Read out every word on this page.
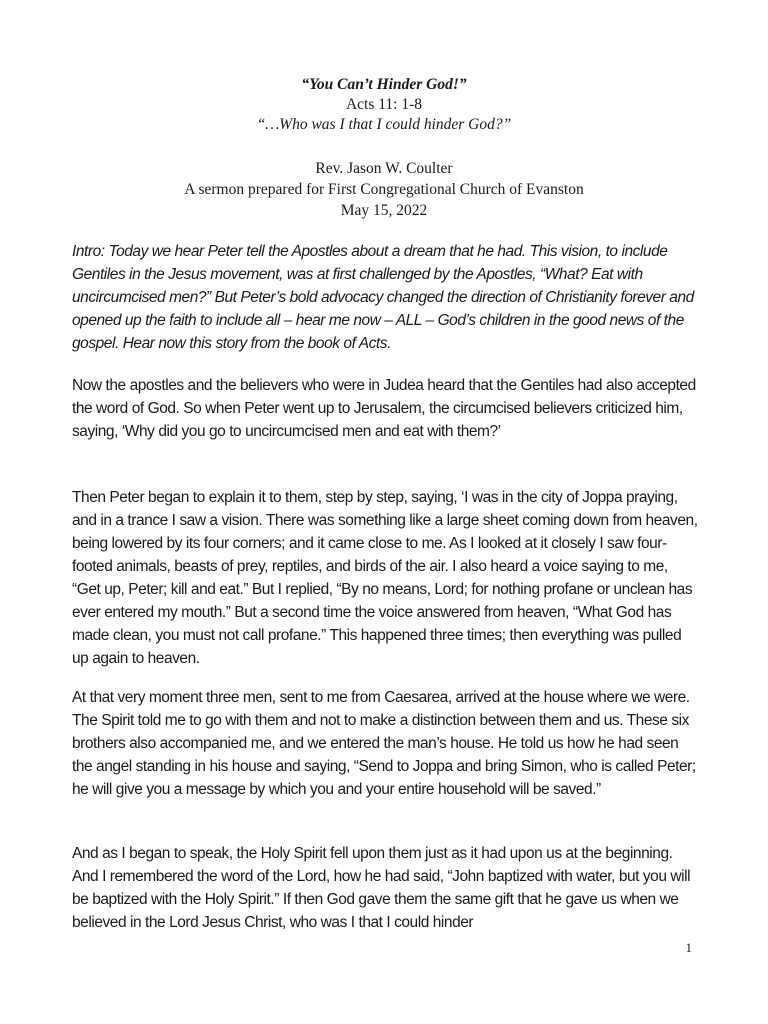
“You Can’t Hinder God!”
Acts 11: 1-8
“…Who was I that I could hinder God?”
Rev. Jason W. Coulter
A sermon prepared for First Congregational Church of Evanston
May 15, 2022

Intro: Today we hear Peter tell the Apostles about a dream that he had. This vision, to include Gentiles in the Jesus movement, was at first challenged by the Apostles, “What? Eat with uncircumcised men?” But Peter’s bold advocacy changed the direction of Christianity forever and opened up the faith to include all – hear me now – ALL – God’s children in the good news of the gospel. Hear now this story from the book of Acts.

Now the apostles and the believers who were in Judea heard that the Gentiles had also accepted the word of God. So when Peter went up to Jerusalem, the circumcised believers criticized him, saying, ‘Why did you go to uncircumcised men and eat with them?’

Then Peter began to explain it to them, step by step, saying, ‘I was in the city of Joppa praying, and in a trance I saw a vision. There was something like a large sheet coming down from heaven, being lowered by its four corners; and it came close to me. As I looked at it closely I saw four-footed animals, beasts of prey, reptiles, and birds of the air. I also heard a voice saying to me, “Get up, Peter; kill and eat.” But I replied, “By no means, Lord; for nothing profane or unclean has ever entered my mouth.” But a second time the voice answered from heaven, “What God has made clean, you must not call profane.” This happened three times; then everything was pulled up again to heaven.

At that very moment three men, sent to me from Caesarea, arrived at the house where we were. The Spirit told me to go with them and not to make a distinction between them and us. These six brothers also accompanied me, and we entered the man’s house. He told us how he had seen the angel standing in his house and saying, “Send to Joppa and bring Simon, who is called Peter; he will give you a message by which you and your entire household will be saved.”

And as I began to speak, the Holy Spirit fell upon them just as it had upon us at the beginning. And I remembered the word of the Lord, how he had said, “John baptized with water, but you will be baptized with the Holy Spirit.” If then God gave them the same gift that he gave us when we believed in the Lord Jesus Christ, who was I that I could hinder

1
